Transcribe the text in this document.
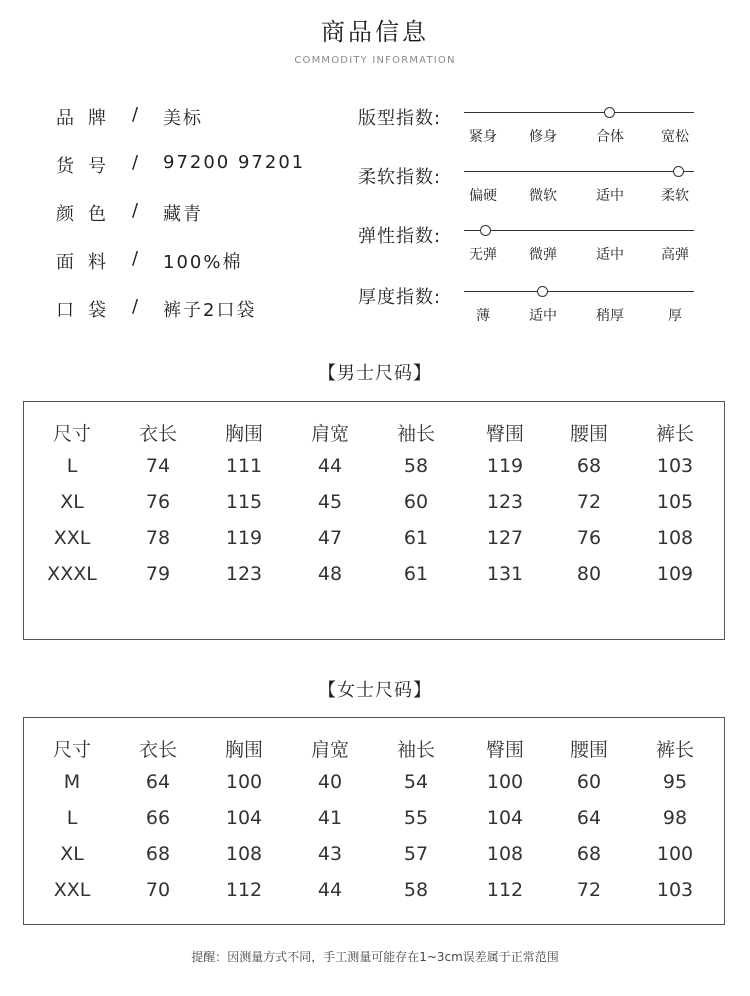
商品信息
COMMODITY INFORMATION
品牌 / 美标
货号 / 97200 97201
颜色 / 藏青
面料 / 100%棉
口袋 / 裤子2口袋
版型指数:
紧身	修身	合体	宽松
柔软指数:
偏硬	微软	适中	柔软
弹性指数:
无弹	微弹	适中	高弹
厚度指数:
薄	适中	稍厚	厚
【男士尺码】
尺寸	衣长	胸围	肩宽	袖长	臀围	腰围	裤长
L	74	111	44	58	119	68	103
XL	76	115	45	60	123	72	105
XXL	78	119	47	61	127	76	108
XXXL	79	123	48	61	131	80	109
【女士尺码】
尺寸	衣长	胸围	肩宽	袖长	臀围	腰围	裤长
M	64	100	40	54	100	60	95
L	66	104	41	55	104	64	98
XL	68	108	43	57	108	68	100
XXL	70	112	44	58	112	72	103
提醒：因测量方式不同，手工测量可能存在1~3cm误差属于正常范围
